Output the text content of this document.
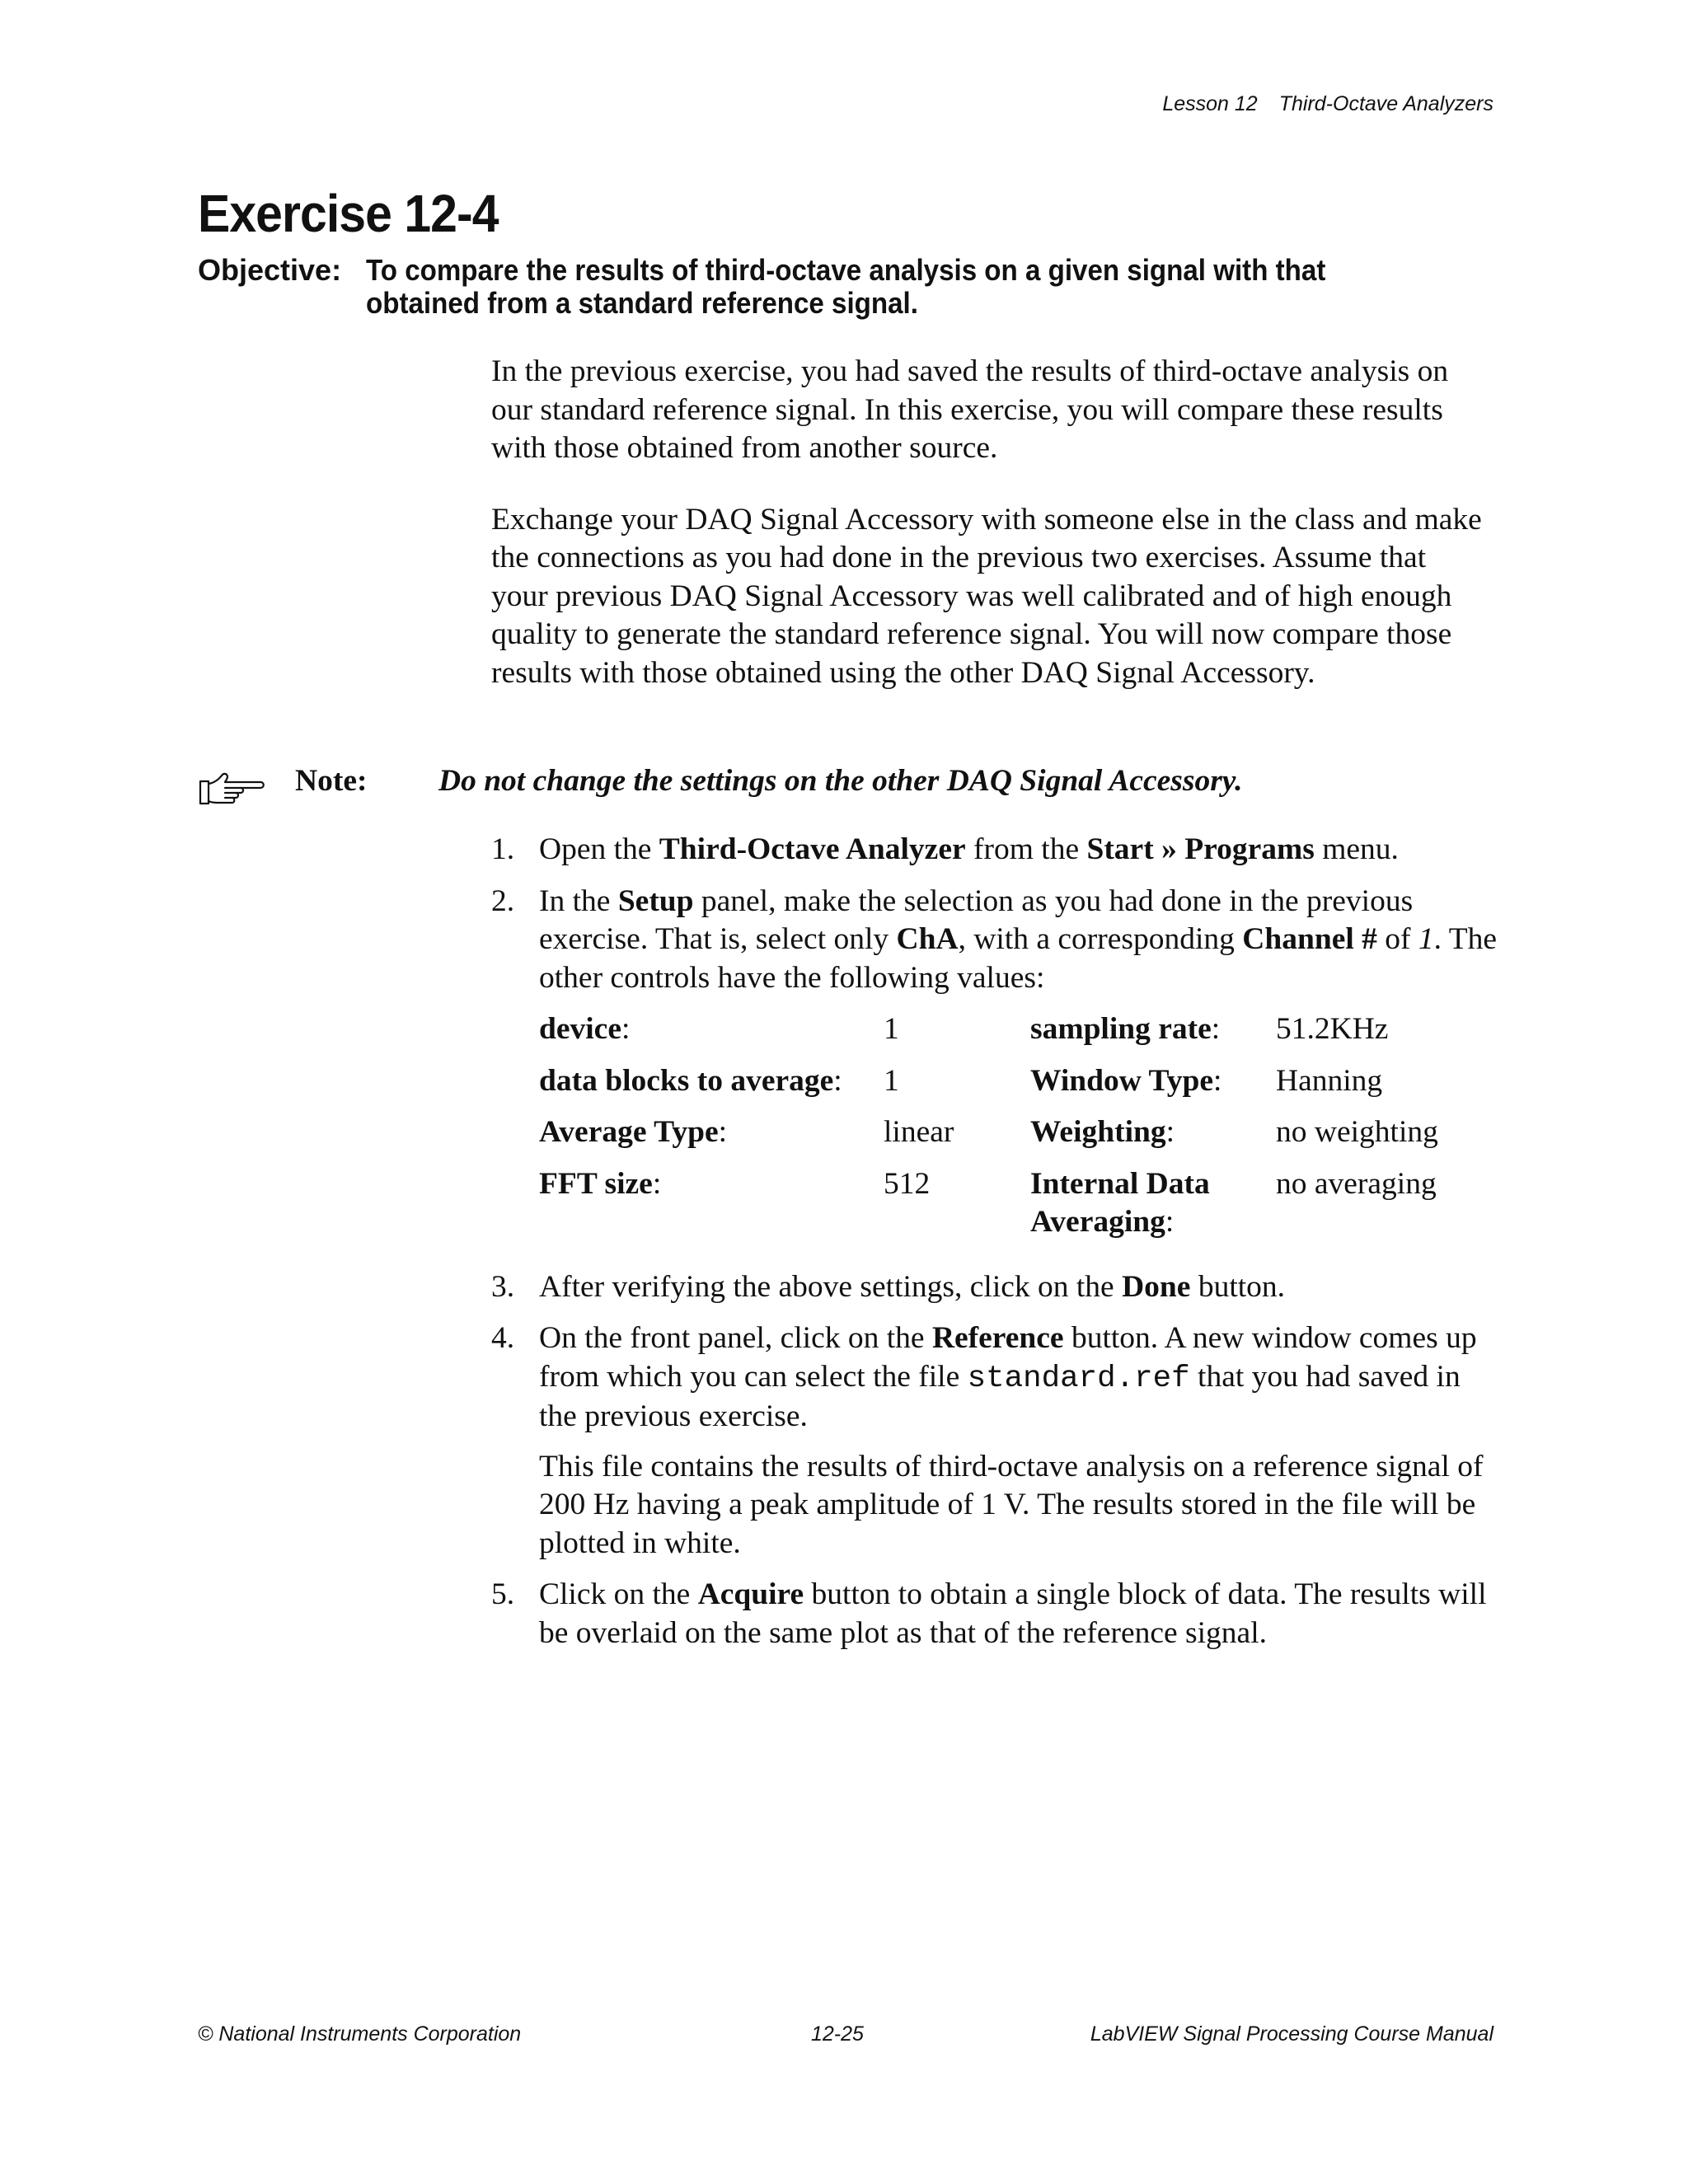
Lesson 12 Third-Octave Analyzers
Exercise 12-4
Objective: To compare the results of third-octave analysis on a given signal with that obtained from a standard reference signal.

In the previous exercise, you had saved the results of third-octave analysis on our standard reference signal. In this exercise, you will compare these results with those obtained from another source.

Exchange your DAQ Signal Accessory with someone else in the class and make the connections as you had done in the previous two exercises. Assume that your previous DAQ Signal Accessory was well calibrated and of high enough quality to generate the standard reference signal. You will now compare those results with those obtained using the other DAQ Signal Accessory.

Note: Do not change the settings on the other DAQ Signal Accessory.
1. Open the Third-Octave Analyzer from the Start » Programs menu.

2. In the Setup panel, make the selection as you had done in the previous exercise. That is, select only ChA, with a corresponding Channel # of 1. The other controls have the following values:

device:	1	sampling rate:	51.2KHz
data blocks to average:	1	Window Type:	Hanning
Average Type:	linear	Weighting:	no weighting
FFT size:	512	Internal Data Averaging:	no averaging
3. After verifying the above settings, click on the Done button.

4. On the front panel, click on the Reference button. A new window comes up from which you can select the file standard.ref that you had saved in the previous exercise.

This file contains the results of third-octave analysis on a reference signal of 200 Hz having a peak amplitude of 1 V. The results stored in the file will be plotted in white.

5. Click on the Acquire button to obtain a single block of data. The results will be overlaid on the same plot as that of the reference signal.

© National Instruments Corporation	12-25	LabVIEW Signal Processing Course Manual
